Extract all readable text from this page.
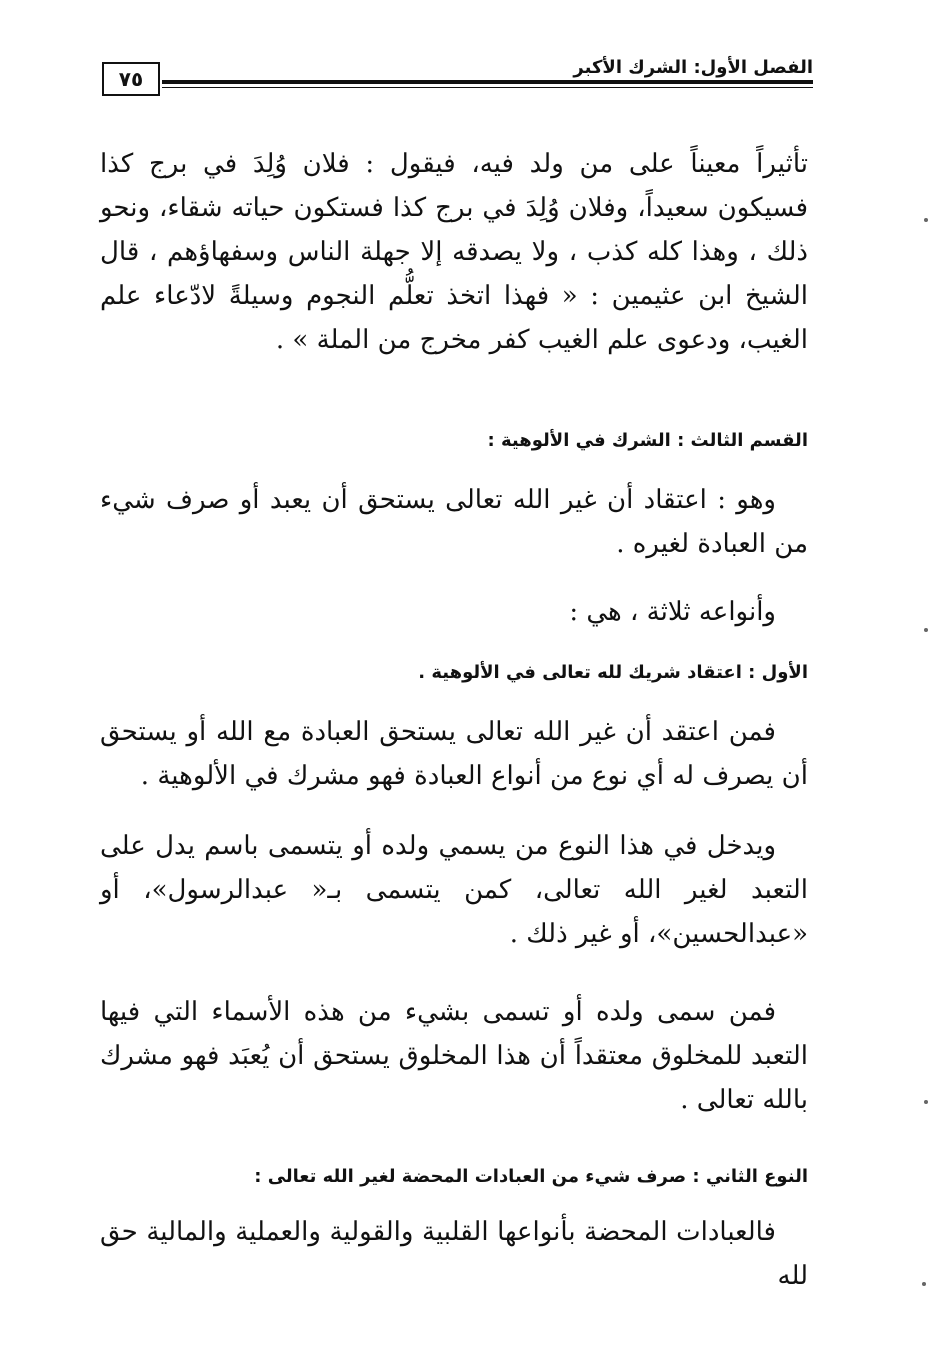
الفصل الأول: الشرك الأكبر
٧٥
تأثيراً معيناً على من ولد فيه، فيقول : فلان وُلِدَ في برج كذا فسيكون سعيداً، وفلان وُلِدَ في برج كذا فستكون حياته شقاء، ونحو ذلك ، وهذا كله كذب ، ولا يصدقه إلا جهلة الناس وسفهاؤهم ، قال الشيخ ابن عثيمين : « فهذا اتخذ تعلُّم النجوم وسيلةً لادّعاء علم الغيب، ودعوى علم الغيب كفر مخرج من الملة » .
القسم الثالث : الشرك في الألوهية :
وهو : اعتقاد أن غير الله تعالى يستحق أن يعبد أو صرف شيء من العبادة لغيره .
وأنواعه ثلاثة ، هي :
الأول : اعتقاد شريك لله تعالى في الألوهية .
فمن اعتقد أن غير الله تعالى يستحق العبادة مع الله أو يستحق أن يصرف له أي نوع من أنواع العبادة فهو مشرك في الألوهية .
ويدخل في هذا النوع من يسمي ولده أو يتسمى باسم يدل على التعبد لغير الله تعالى، كمن يتسمى بـ« عبدالرسول»، أو «عبدالحسين»، أو غير ذلك .
فمن سمى ولده أو تسمى بشيء من هذه الأسماء التي فيها التعبد للمخلوق معتقداً أن هذا المخلوق يستحق أن يُعبَد فهو مشرك بالله تعالى .
النوع الثاني : صرف شيء من العبادات المحضة لغير الله تعالى :
فالعبادات المحضة بأنواعها القلبية والقولية والعملية والمالية حق لله
